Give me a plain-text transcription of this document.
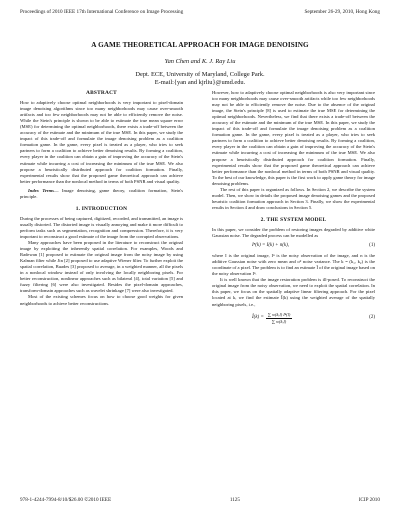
Proceedings of 2010 IEEE 17th International Conference on Image Processing	September 26-29, 2010, Hong Kong
A GAME THEORETICAL APPROACH FOR IMAGE DENOISING
Yan Chen and K. J. Ray Liu
Dept. ECE, University of Maryland, College Park.
E-mail:{yan and kjrliu}@umd.edu.
ABSTRACT

How to adaptively choose optimal neighborhoods is very important to pixel-domain image denoising algorithms since too many neighborhoods may cause over-smooth artifacts and too few neighborhoods may not be able to efficiently remove the noise. While the Stein's principle is shown to be able to estimate the true mean square error (MSE) for determining the optimal neighborhoods, there exists a trade-off between the accuracy of the estimate and the minimum of the true MSE. In this paper, we study the impact of this trade-off and formulate the image denoising problem as a coalition formation game. In the game, every pixel is treated as a player, who tries to seek partners to form a coalition to achieve better denoising results. By forming a coalition, every player in the coalition can obtain a gain of improving the accuracy of the Stein's estimate while incurring a cost of increasing the minimum of the true MSE. We also propose a heuristically distributed approach for coalition formation. Finally, experimental results show that the proposed game theoretical approach can achieve better performance than the nonlocal method in terms of both PSNR and visual quality.

Index Terms— Image denoising, game theory, coalition formation, Stein's principle.

1. INTRODUCTION

During the processes of being captured, digitized, recorded, and transmitted, an image is usually distorted. The distorted image is visually annoying and make it more difficult to perform tasks such as segmentation, recognition and compression. Therefore, it is very important to reconstruct a good estimate of the image from the corrupted observations.

Many approaches have been proposed in the literature to reconstruct the original image by exploiting the inherently spatial correlation. For examples, Woods and Radewan [1] proposed to estimate the original image from the noisy image by using Kalman filter while Jin [2] proposed to use adaptive Wiener filter. To further exploit the spatial correlation, Buades [3] proposed to average, in a weighted manner, all the pixels in a nonlocal window instead of only involving the locally neighboring pixels. For better reconstruction, nonlinear approaches such as bilateral [4], total variation [5] and fuzzy filtering [6] were also investigated. Besides the pixel-domain approaches, transform-domain approaches such as wavelet shrinkage [7] were also investigated.

Most of the existing schemes focus on how to choose good weights for given neighborhoods to achieve better reconstructions.

However, how to adaptively choose optimal neighborhoods is also very important since too many neighborhoods may cause over-smooth artifacts while too few neighborhoods may not be able to efficiently remove the noise. Due to the absence of the original image, the Stein's principle [8] is used to estimate the true MSE for determining the optimal neighborhoods. Nevertheless, we find that there exists a trade-off between the accuracy of the estimate and the minimum of the true MSE. In this paper, we study the impact of this trade-off and formulate the image denoising problem as a coalition formation game. In the game, every pixel is treated as a player, who tries to seek partners to form a coalition to achieve better denoising results. By forming a coalition, every player in the coalition can obtain a gain of improving the accuracy of the Stein's estimate while incurring a cost of increasing the minimum of the true MSE. We also propose a heuristically distributed approach for coalition formation. Finally, experimental results show that the proposed game theoretical approach can achieve better performance than the nonlocal method in terms of both PSNR and visual quality. To the best of our knowledge, this paper is the first work to apply game theory for image denoising problems.

The rest of this paper is organized as follows. In Section 2, we describe the system model. Then, we show in details the proposed image denoising games and the proposed heuristic coalition formation approach in Section 3. Finally, we show the experimental results in Section 4 and draw conclusions in Section 5.

2. THE SYSTEM MODEL

In this paper, we consider the problem of restoring images degraded by additive white Gaussian noise. The degraded process can be modelled as

Iⁿ(k) = I(k) + n(k),	(1)

where I is the original image, Iⁿ is the noisy observation of the image, and n is the additive Gaussian noise with zero mean and σ² noise variance. The k = (k₁, k₂) is the coordinate of a pixel. The problem is to find an estimate Î of the original image based on the noisy observation Iⁿ.

It is well known that the image restoration problem is ill-posed. To reconstruct the original image from the noisy observation, we need to exploit the spatial correlation. In this paper, we focus on the spatially adaptive linear filtering approach. For the pixel located at k, we find the estimate Î(k) using the weighted average of the spatially neighboring pixels, i.e.,

Î(k) = $\frac{\text{∑ w(k,l) Iⁿ(l)}}{\sum w(k,l)}$	(2)
978-1-4244-7994-8/10/$26.00 ©2010 IEEE	1125	ICIP 2010
